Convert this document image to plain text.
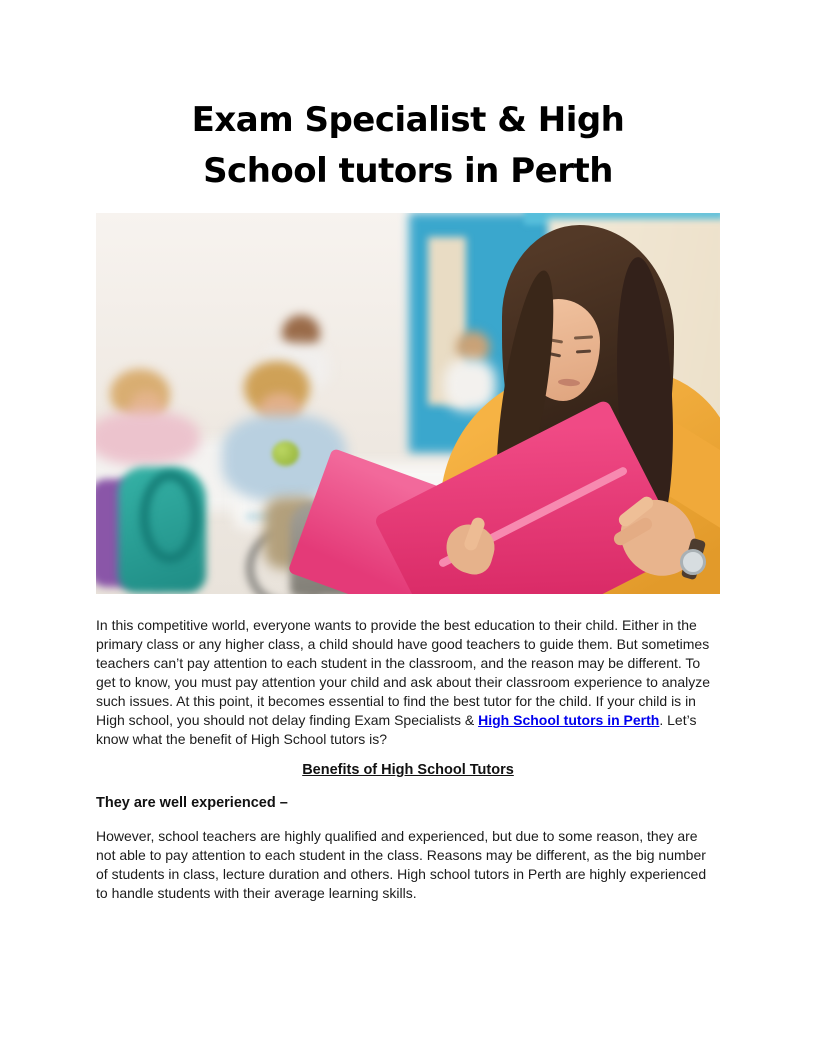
Exam Specialist & High
School tutors in Perth

In this competitive world, everyone wants to provide the best education to their child. Either in the primary class or any higher class, a child should have good teachers to guide them. But sometimes teachers can’t pay attention to each student in the classroom, and the reason may be different. To get to know, you must pay attention your child and ask about their classroom experience to analyze such issues. At this point, it becomes essential to find the best tutor for the child. If your child is in High school, you should not delay finding Exam Specialists & High School tutors in Perth. Let’s know what the benefit of High School tutors is?

Benefits of High School Tutors
They are well experienced –

However, school teachers are highly qualified and experienced, but due to some reason, they are not able to pay attention to each student in the class. Reasons may be different, as the big number of students in class, lecture duration and others. High school tutors in Perth are highly experienced to handle students with their average learning skills.
